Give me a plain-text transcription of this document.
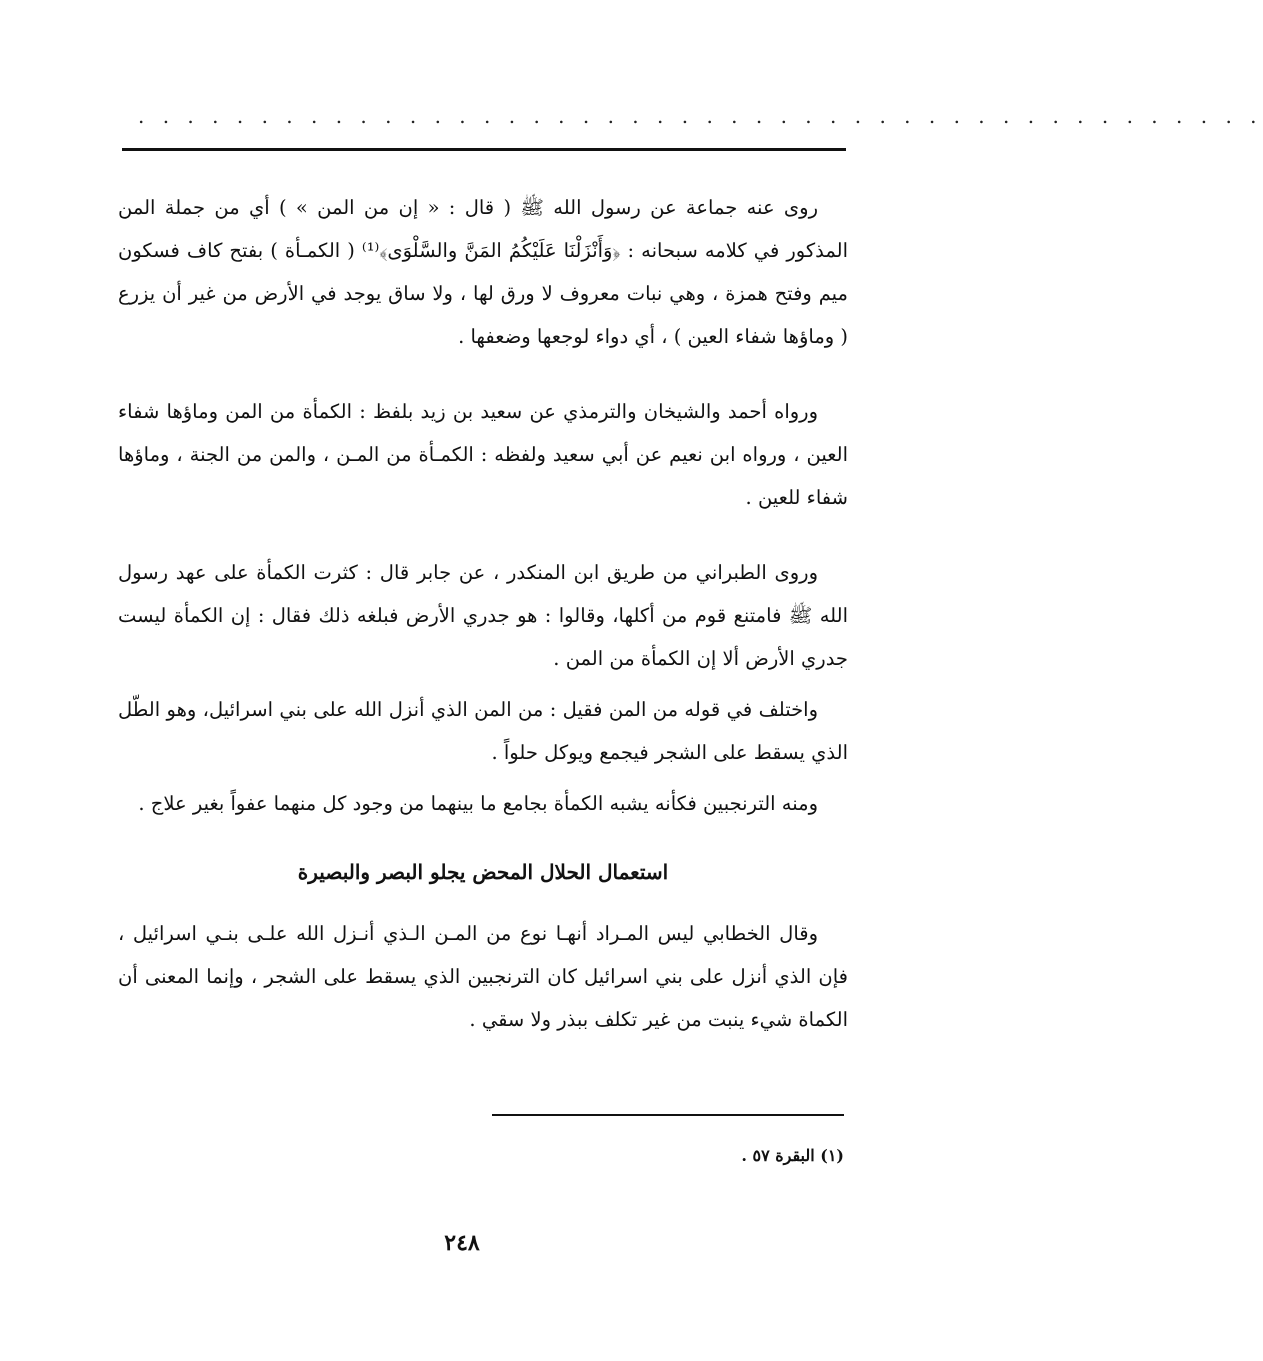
. . . . . . . . . . . . . . . . . . . . . . . . . . . . . . . . . . . . . . . . . . . . . .

روى عنه جماعة عن رسول الله ﷺ ( قال : « إن من المن » ) أي من جملة المن المذكور في كلامه سبحانه : ﴿وَأَنْزَلْنَا عَلَيْكُمُ المَنَّ والسَّلْوَى﴾⁽¹⁾ ( الكمـأة ) بفتح كاف فسكون ميم وفتح همزة ، وهي نبات معروف لا ورق لها ، ولا ساق يوجد في الأرض من غير أن يزرع ( وماؤها شفاء العين ) ، أي دواء لوجعها وضعفها .

ورواه أحمد والشيخان والترمذي عن سعيد بن زيد بلفظ : الكمأة من المن وماؤها شفاء العين ، ورواه ابن نعيم عن أبي سعيد ولفظه : الكمـأة من المـن ، والمن من الجنة ، وماؤها شفاء للعين .

وروى الطبراني من طريق ابن المنكدر ، عن جابر قال : كثرت الكمأة على عهد رسول الله ﷺ فامتنع قوم من أكلها، وقالوا : هو جدري الأرض فبلغه ذلك فقال : إن الكمأة ليست جدري الأرض ألا إن الكمأة من المن .

واختلف في قوله من المن فقيل : من المن الذي أنزل الله على بني اسرائيل، وهو الطّل الذي يسقط على الشجر فيجمع ويوكل حلواً .

ومنه الترنجبين فكأنه يشبه الكمأة بجامع ما بينهما من وجود كل منهما عفواً بغير علاج .

استعمال الحلال المحض يجلو البصر والبصيرة

وقال الخطابي ليس المـراد أنهـا نوع من المـن الـذي أنـزل الله علـى بنـي اسرائيل ، فإن الذي أنزل على بني اسرائيل كان الترنجبين الذي يسقط على الشجر ، وإنما المعنى أن الكماة شيء ينبت من غير تكلف ببذر ولا سقي .

(١) البقرة ٥٧ .
٢٤٨
